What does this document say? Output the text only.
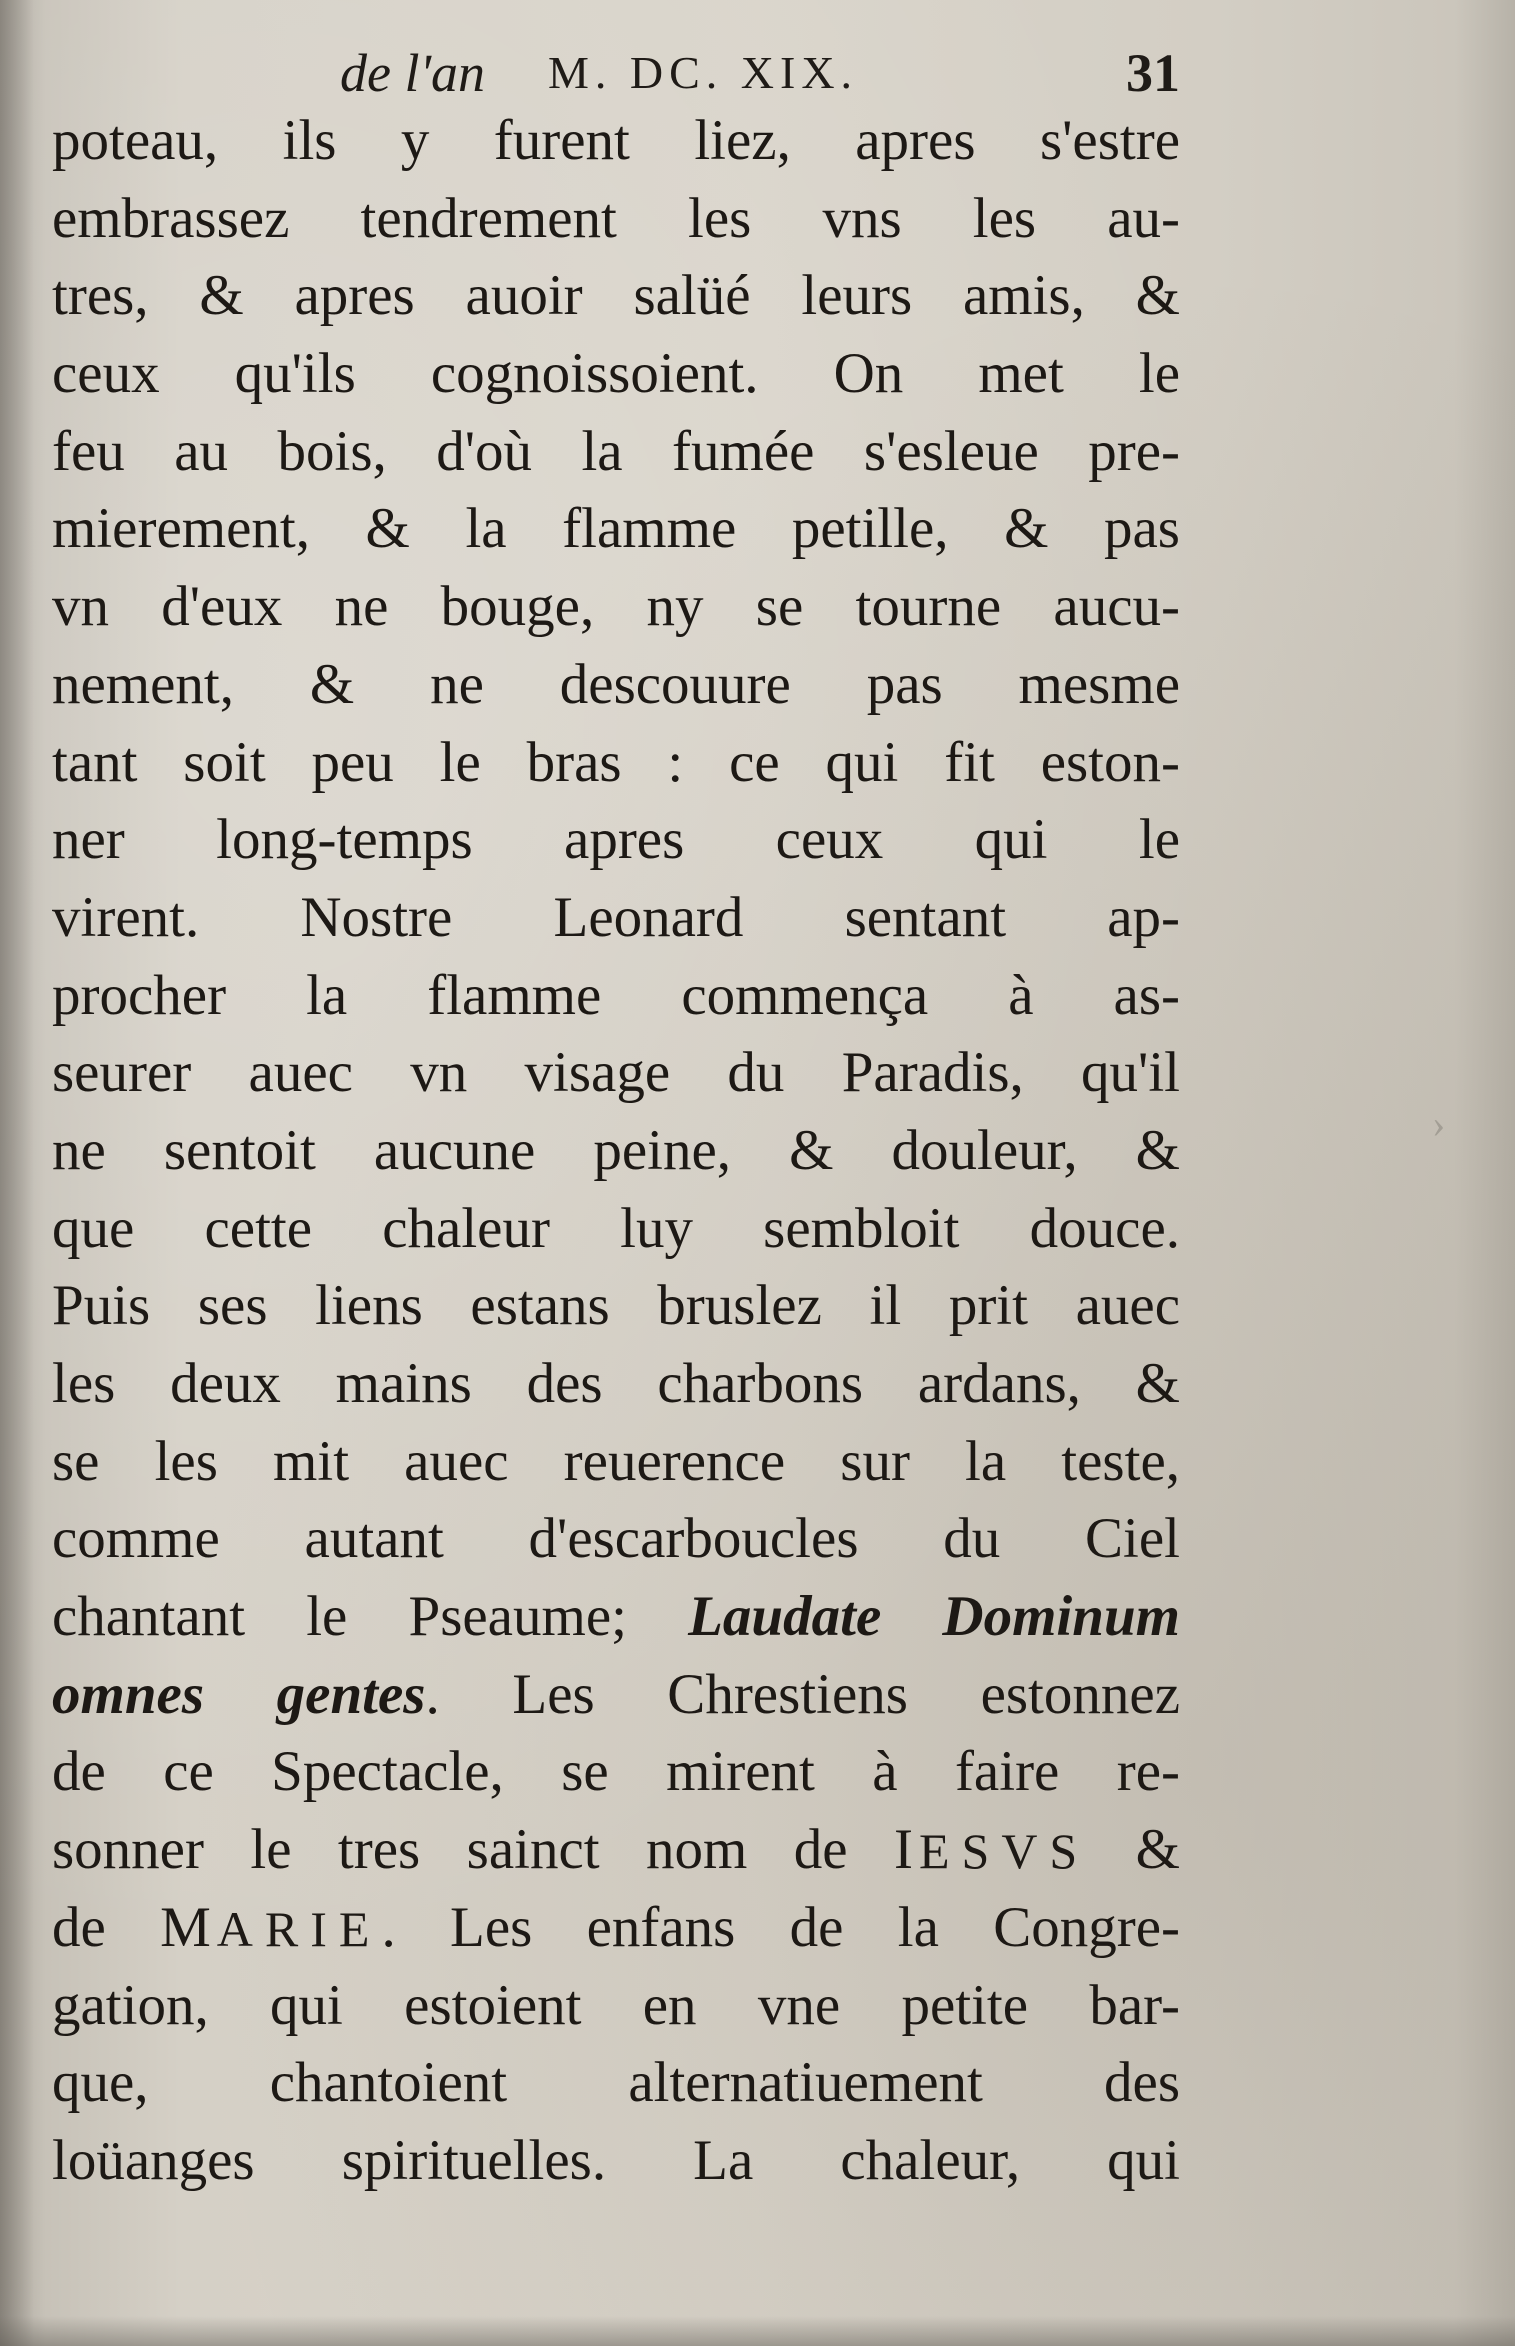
de l'an M. DC. XIX.	31
poteau, ils y furent liez, apres s'estre
embrassez tendrement les vns les au-
tres, & apres auoir salüé leurs amis, &
ceux qu'ils cognoissoient. On met le
feu au bois, d'où la fumée s'esleue pre-
mierement, & la flamme petille, & pas
vn d'eux ne bouge, ny se tourne aucu-
nement, & ne descouure pas mesme
tant soit peu le bras : ce qui fit eston-
ner long-temps apres ceux qui le
virent. Nostre Leonard sentant ap-
procher la flamme commença à as-
seurer auec vn visage du Paradis, qu'il
ne sentoit aucune peine, & douleur, &
que cette chaleur luy sembloit douce.
Puis ses liens estans bruslez il prit auec
les deux mains des charbons ardans, &
se les mit auec reuerence sur la teste,
comme autant d'escarboucles du Ciel
chantant le Pseaume; Laudate Dominum
omnes gentes. Les Chrestiens estonnez
de ce Spectacle, se mirent à faire re-
sonner le tres sainct nom de IESVS &
de MARIE. Les enfans de la Congre-
gation, qui estoient en vne petite bar-
que, chantoient alternatiuement des
loüanges spirituelles. La chaleur, qui
›
